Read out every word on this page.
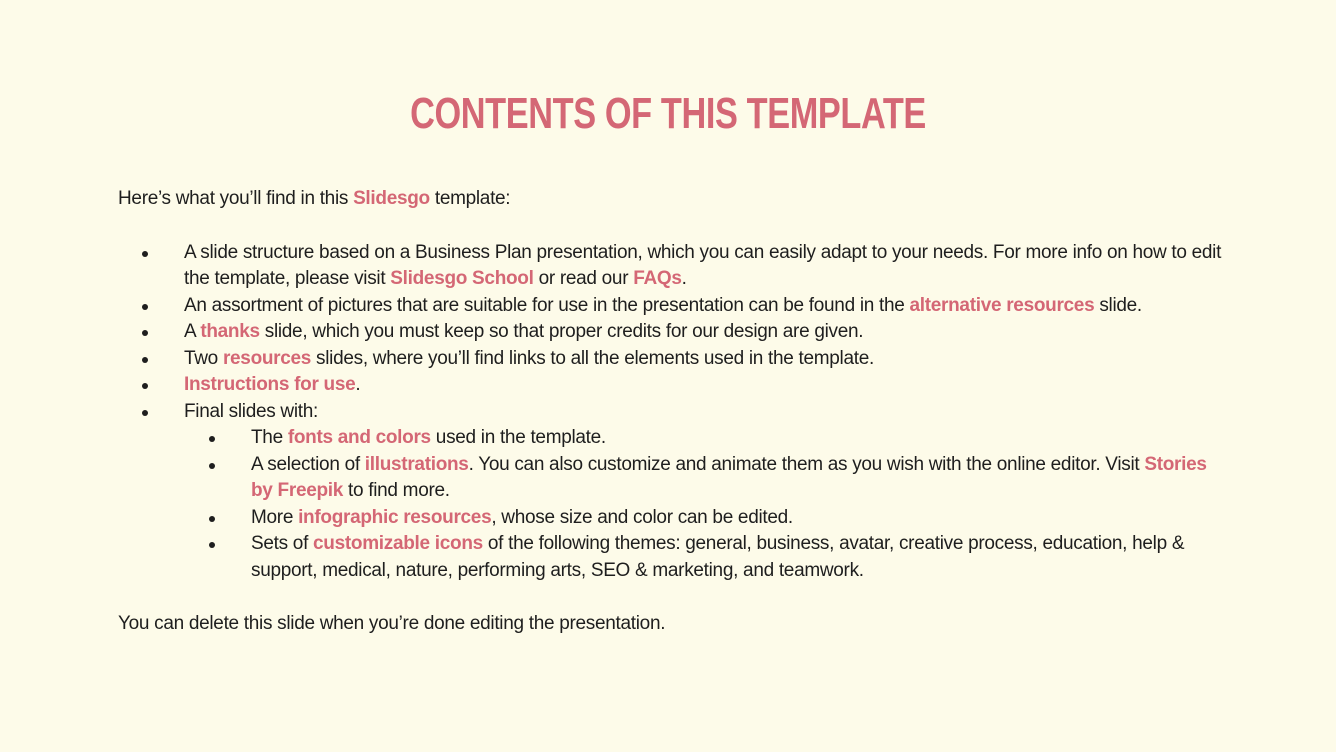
CONTENTS OF THIS TEMPLATE

Here’s what you’ll find in this Slidesgo template:

A slide structure based on a Business Plan presentation, which you can easily adapt to your needs. For more info on how to edit the template, please visit Slidesgo School or read our FAQs.
An assortment of pictures that are suitable for use in the presentation can be found in the alternative resources slide.
A thanks slide, which you must keep so that proper credits for our design are given.
Two resources slides, where you’ll find links to all the elements used in the template.
Instructions for use.
Final slides with:
The fonts and colors used in the template.
A selection of illustrations. You can also customize and animate them as you wish with the online editor. Visit Stories by Freepik to find more.
More infographic resources, whose size and color can be edited.
Sets of customizable icons of the following themes: general, business, avatar, creative process, education, help & support, medical, nature, performing arts, SEO & marketing, and teamwork.

You can delete this slide when you’re done editing the presentation.
